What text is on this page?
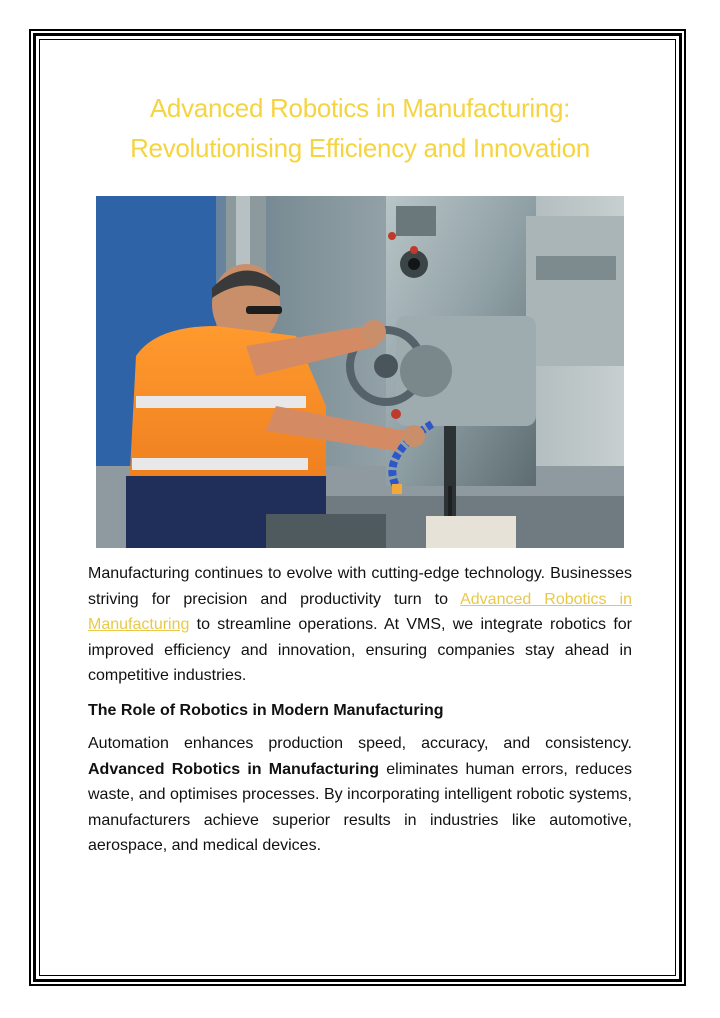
Advanced Robotics in Manufacturing:
Revolutionising Efficiency and Innovation

Manufacturing continues to evolve with cutting-edge technology. Businesses striving for precision and productivity turn to Advanced Robotics in Manufacturing to streamline operations. At VMS, we integrate robotics for improved efficiency and innovation, ensuring companies stay ahead in competitive industries.

The Role of Robotics in Modern Manufacturing

Automation enhances production speed, accuracy, and consistency. Advanced Robotics in Manufacturing eliminates human errors, reduces waste, and optimises processes. By incorporating intelligent robotic systems, manufacturers achieve superior results in industries like automotive, aerospace, and medical devices.
